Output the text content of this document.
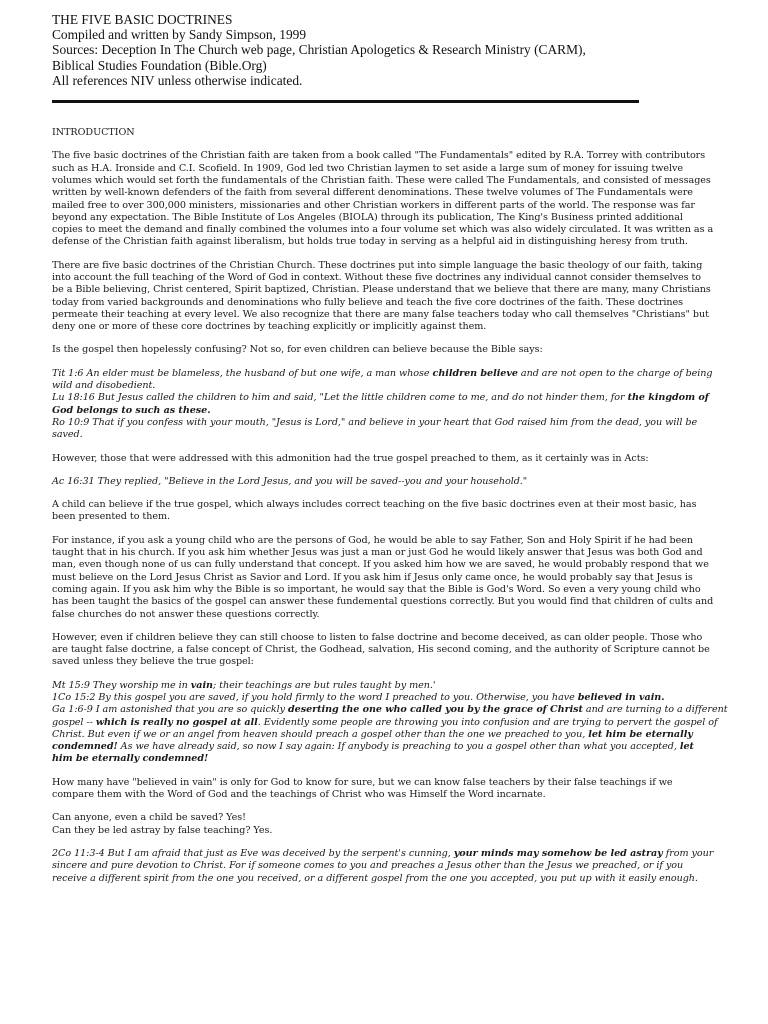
THE FIVE BASIC DOCTRINES
Compiled and written by Sandy Simpson, 1999
Sources: Deception In The Church web page, Christian Apologetics & Research Ministry (CARM),
Biblical Studies Foundation (Bible.Org)
All references NIV unless otherwise indicated.
INTRODUCTION
The five basic doctrines of the Christian faith are taken from a book called "The Fundamentals" edited by R.A. Torrey with contributors
such as H.A. Ironside and C.I. Scofield. In 1909, God led two Christian laymen to set aside a large sum of money for issuing twelve
volumes which would set forth the fundamentals of the Christian faith. These were called The Fundamentals, and consisted of messages
written by well-known defenders of the faith from several different denominations. These twelve volumes of The Fundamentals were
mailed free to over 300,000 ministers, missionaries and other Christian workers in different parts of the world. The response was far
beyond any expectation. The Bible Institute of Los Angeles (BIOLA) through its publication, The King's Business printed additional
copies to meet the demand and finally combined the volumes into a four volume set which was also widely circulated. It was written as a
defense of the Christian faith against liberalism, but holds true today in serving as a helpful aid in distinguishing heresy from truth.
There are five basic doctrines of the Christian Church. These doctrines put into simple language the basic theology of our faith, taking
into account the full teaching of the Word of God in context. Without these five doctrines any individual cannot consider themselves to
be a Bible believing, Christ centered, Spirit baptized, Christian. Please understand that we believe that there are many, many Christians
today from varied backgrounds and denominations who fully believe and teach the five core doctrines of the faith. These doctrines
permeate their teaching at every level. We also recognize that there are many false teachers today who call themselves "Christians" but
deny one or more of these core doctrines by teaching explicitly or implicitly against them.
Is the gospel then hopelessly confusing? Not so, for even children can believe because the Bible says:
Tit 1:6 An elder must be blameless, the husband of but one wife, a man whose children believe and are not open to the charge of being
wild and disobedient.
Lu 18:16 But Jesus called the children to him and said, "Let the little children come to me, and do not hinder them, for the kingdom of
God belongs to such as these.
Ro 10:9 That if you confess with your mouth, "Jesus is Lord," and believe in your heart that God raised him from the dead, you will be
saved.
However, those that were addressed with this admonition had the true gospel preached to them, as it certainly was in Acts:
Ac 16:31 They replied, "Believe in the Lord Jesus, and you will be saved--you and your household."
A child can believe if the true gospel, which always includes correct teaching on the five basic doctrines even at their most basic, has
been presented to them.
For instance, if you ask a young child who are the persons of God, he would be able to say Father, Son and Holy Spirit if he had been
taught that in his church. If you ask him whether Jesus was just a man or just God he would likely answer that Jesus was both God and
man, even though none of us can fully understand that concept. If you asked him how we are saved, he would probably respond that we
must believe on the Lord Jesus Christ as Savior and Lord. If you ask him if Jesus only came once, he would probably say that Jesus is
coming again. If you ask him why the Bible is so important, he would say that the Bible is God's Word. So even a very young child who
has been taught the basics of the gospel can answer these fundemental questions correctly. But you would find that children of cults and
false churches do not answer these questions correctly.
However, even if children believe they can still choose to listen to false doctrine and become deceived, as can older people. Those who
are taught false doctrine, a false concept of Christ, the Godhead, salvation, His second coming, and the authority of Scripture cannot be
saved unless they believe the true gospel:
Mt 15:9 They worship me in vain; their teachings are but rules taught by men.'
1Co 15:2 By this gospel you are saved, if you hold firmly to the word I preached to you. Otherwise, you have believed in vain.
Ga 1:6-9 I am astonished that you are so quickly deserting the one who called you by the grace of Christ and are turning to a different
gospel -- which is really no gospel at all. Evidently some people are throwing you into confusion and are trying to pervert the gospel of
Christ. But even if we or an angel from heaven should preach a gospel other than the one we preached to you, let him be eternally
condemned! As we have already said, so now I say again: If anybody is preaching to you a gospel other than what you accepted, let
him be eternally condemned!
How many have "believed in vain" is only for God to know for sure, but we can know false teachers by their false teachings if we
compare them with the Word of God and the teachings of Christ who was Himself the Word incarnate.
Can anyone, even a child be saved? Yes!
Can they be led astray by false teaching? Yes.
2Co 11:3-4 But I am afraid that just as Eve was deceived by the serpent's cunning, your minds may somehow be led astray from your
sincere and pure devotion to Christ. For if someone comes to you and preaches a Jesus other than the Jesus we preached, or if you
receive a different spirit from the one you received, or a different gospel from the one you accepted, you put up with it easily enough.
